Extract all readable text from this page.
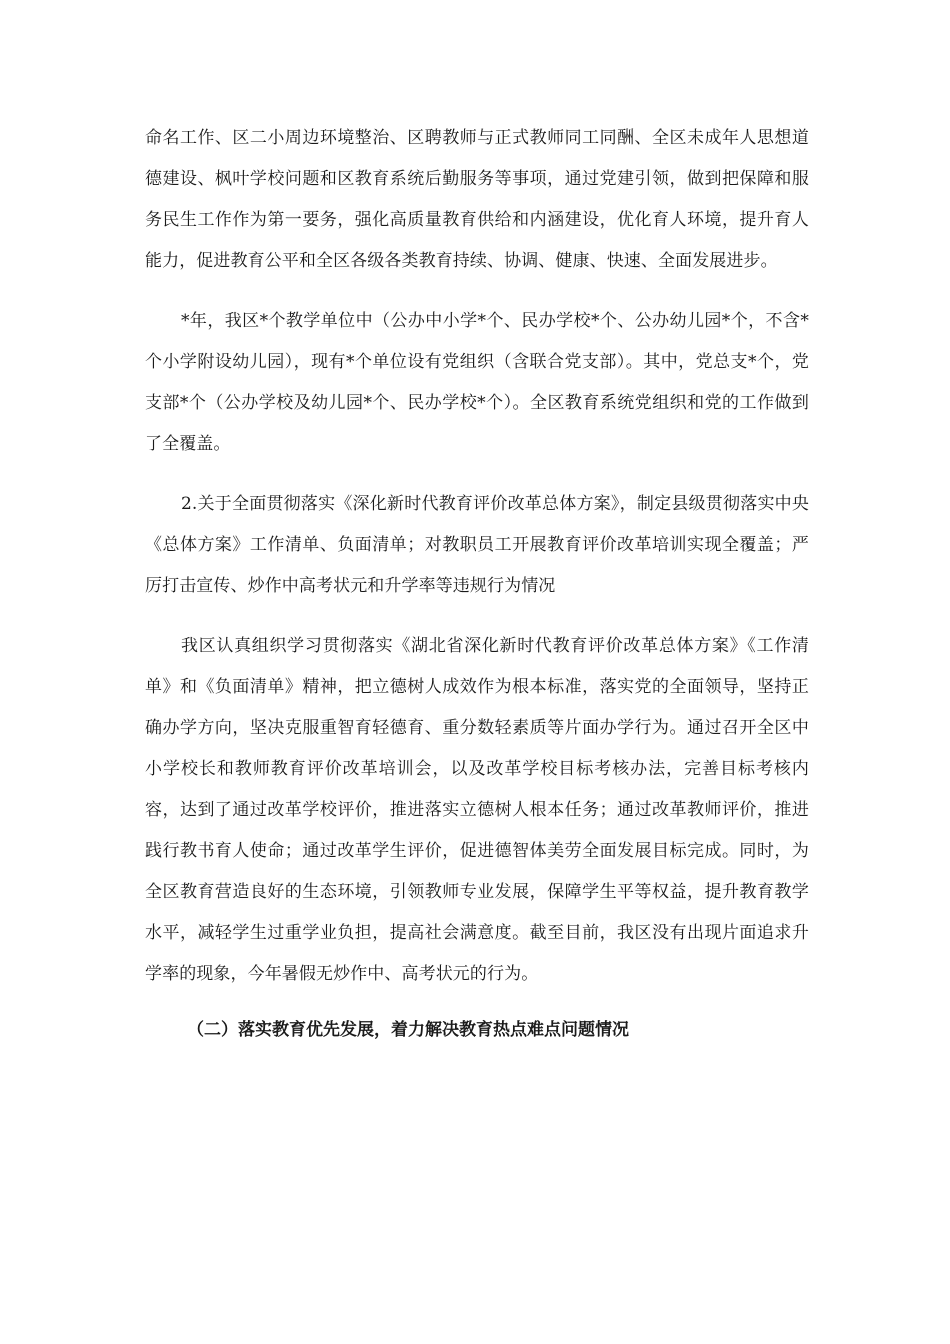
命名工作、区二小周边环境整治、区聘教师与正式教师同工同酬、全区未成年人思想道德建设、枫叶学校问题和区教育系统后勤服务等事项，通过党建引领，做到把保障和服务民生工作作为第一要务，强化高质量教育供给和内涵建设，优化育人环境，提升育人能力，促进教育公平和全区各级各类教育持续、协调、健康、快速、全面发展进步。

*年，我区*个教学单位中（公办中小学*个、民办学校*个、公办幼儿园*个，不含*个小学附设幼儿园），现有*个单位设有党组织（含联合党支部）。其中，党总支*个，党支部*个（公办学校及幼儿园*个、民办学校*个）。全区教育系统党组织和党的工作做到了全覆盖。

2.关于全面贯彻落实《深化新时代教育评价改革总体方案》，制定县级贯彻落实中央《总体方案》工作清单、负面清单；对教职员工开展教育评价改革培训实现全覆盖；严厉打击宣传、炒作中高考状元和升学率等违规行为情况

我区认真组织学习贯彻落实《湖北省深化新时代教育评价改革总体方案》《工作清单》和《负面清单》精神，把立德树人成效作为根本标准，落实党的全面领导，坚持正确办学方向，坚决克服重智育轻德育、重分数轻素质等片面办学行为。通过召开全区中小学校长和教师教育评价改革培训会，以及改革学校目标考核办法，完善目标考核内容，达到了通过改革学校评价，推进落实立德树人根本任务；通过改革教师评价，推进践行教书育人使命；通过改革学生评价，促进德智体美劳全面发展目标完成。同时，为全区教育营造良好的生态环境，引领教师专业发展，保障学生平等权益，提升教育教学水平，减轻学生过重学业负担，提高社会满意度。截至目前，我区没有出现片面追求升学率的现象，今年暑假无炒作中、高考状元的行为。

（二）落实教育优先发展，着力解决教育热点难点问题情况
